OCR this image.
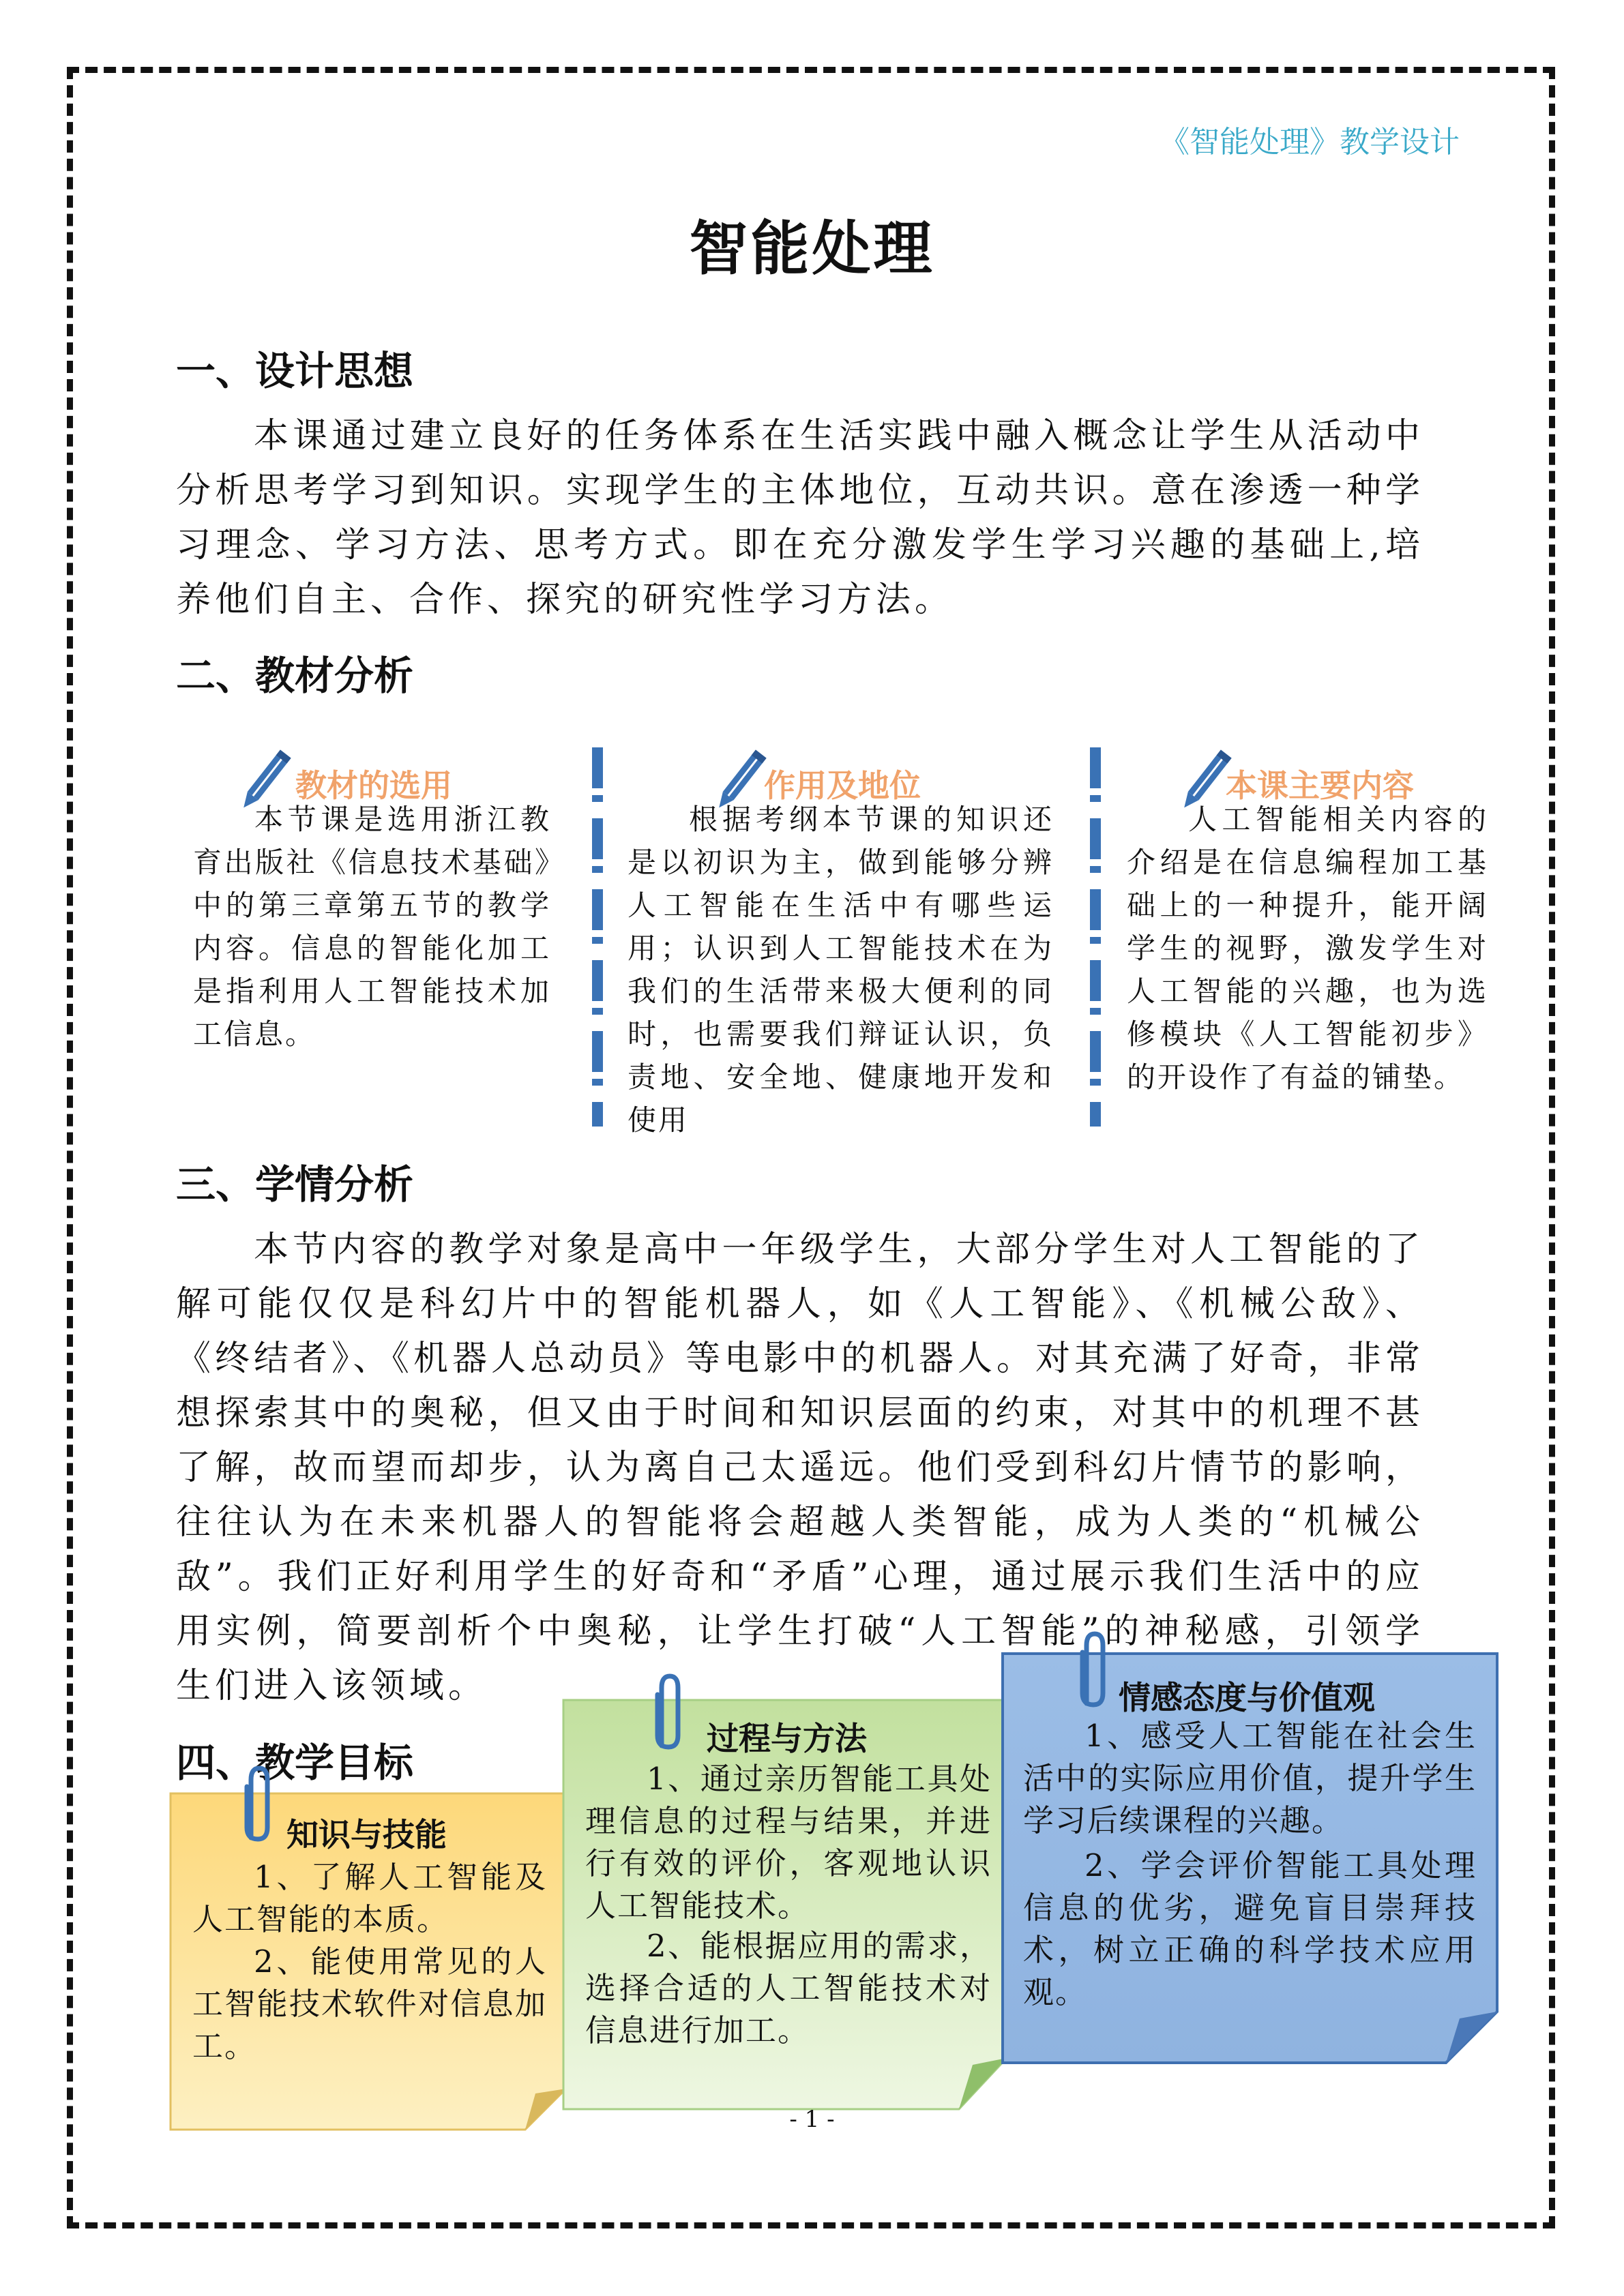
《智能处理》教学设计
智能处理
一、设计思想

本课通过建立良好的任务体系在生活实践中融入概念让学生从活动中分析思考学习到知识。实现学生的主体地位，互动共识。意在渗透一种学习理念、学习方法、思考方式。即在充分激发学生学习兴趣的基础上,培养他们自主、合作、探究的研究性学习方法。

二、教材分析
教材的选用

本节课是选用浙江教育出版社《信息技术基础》中的第三章第五节的教学内容。信息的智能化加工是指利用人工智能技术加工信息。

作用及地位

根据考纲本节课的知识还是以初识为主，做到能够分辨人工智能在生活中有哪些运用；认识到人工智能技术在为我们的生活带来极大便利的同时，也需要我们辩证认识，负责地、安全地、健康地开发和使用

本课主要内容

人工智能相关内容的介绍是在信息编程加工基础上的一种提升，能开阔学生的视野，激发学生对人工智能的兴趣，也为选修模块《人工智能初步》的开设作了有益的铺垫。

三、学情分析

本节内容的教学对象是高中一年级学生，大部分学生对人工智能的了解可能仅仅是科幻片中的智能机器人，如《人工智能》、《机械公敌》、《终结者》、《机器人总动员》等电影中的机器人。对其充满了好奇，非常想探索其中的奥秘，但又由于时间和知识层面的约束，对其中的机理不甚了解，故而望而却步，认为离自己太遥远。他们受到科幻片情节的影响，往往认为在未来机器人的智能将会超越人类智能，成为人类的“机械公敌”。我们正好利用学生的好奇和“矛盾”心理，通过展示我们生活中的应用实例，简要剖析个中奥秘，让学生打破“人工智能”的神秘感，引领学生们进入该领域。

四、教学目标
知识与技能

1、了解人工智能及人工智能的本质。

2、能使用常见的人工智能技术软件对信息加工。

过程与方法

1、通过亲历智能工具处理信息的过程与结果，并进行有效的评价，客观地认识人工智能技术。

2、能根据应用的需求，选择合适的人工智能技术对信息进行加工。

情感态度与价值观

1、感受人工智能在社会生活中的实际应用价值，提升学生学习后续课程的兴趣。

2、学会评价智能工具处理信息的优劣，避免盲目崇拜技术，树立正确的科学技术应用观。

- 1 -
